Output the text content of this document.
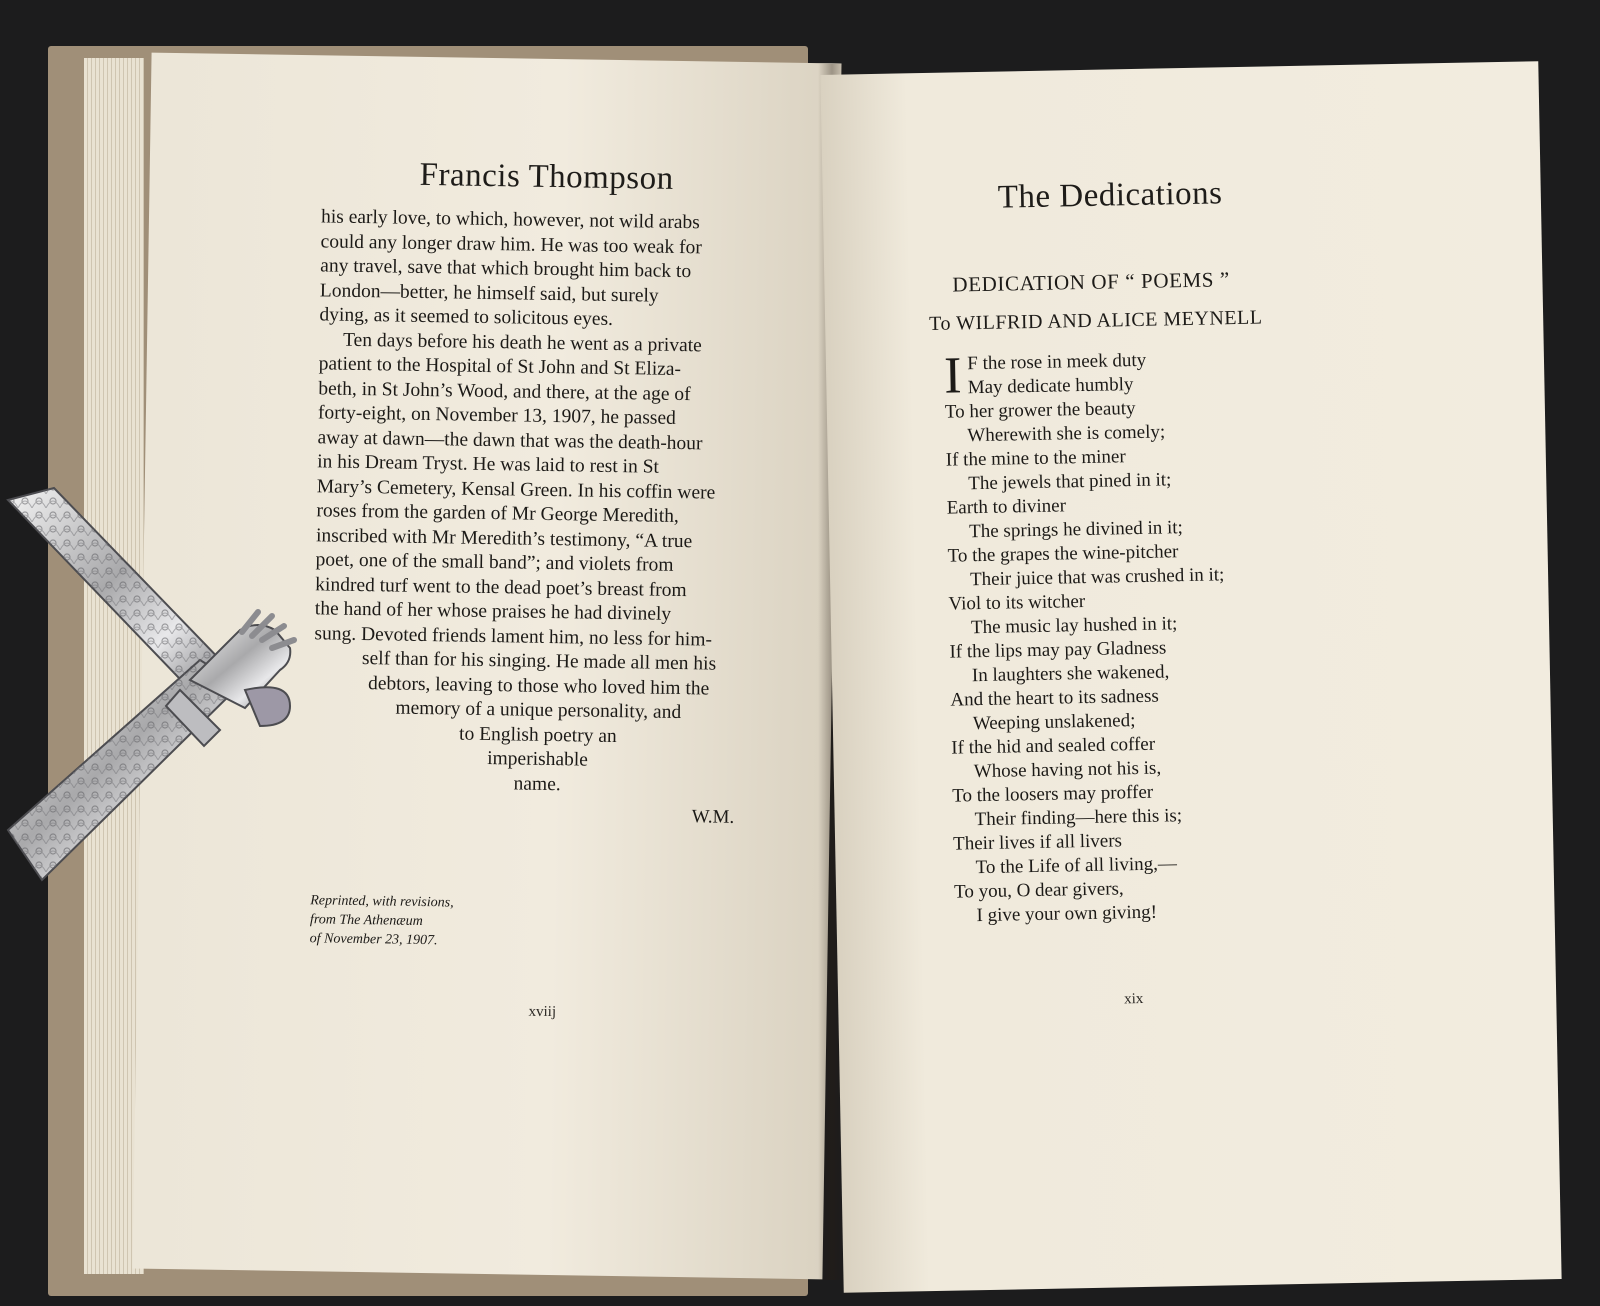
Francis Thompson
his early love, to which, however, not wild arabs
could any longer draw him. He was too weak for
any travel, save that which brought him back to
London—better, he himself said, but surely
dying, as it seemed to solicitous eyes.
Ten days before his death he went as a private
patient to the Hospital of St John and St Eliza-
beth, in St John’s Wood, and there, at the age of
forty-eight, on November 13, 1907, he passed
away at dawn—the dawn that was the death-hour
in his Dream Tryst. He was laid to rest in St
Mary’s Cemetery, Kensal Green. In his coffin were
roses from the garden of Mr George Meredith,
inscribed with Mr Meredith’s testimony, “A true
poet, one of the small band”; and violets from
kindred turf went to the dead poet’s breast from
the hand of her whose praises he had divinely
sung. Devoted friends lament him, no less for him-
self than for his singing. He made all men his
debtors, leaving to those who loved him the
memory of a unique personality, and
to English poetry an
imperishable
name.
W.M.
Reprinted, with revisions,
from The Athenæum
of November 23, 1907.
xviij
The Dedications
DEDICATION OF “ POEMS ”
To WILFRID AND ALICE MEYNELL
I F the rose in meek duty
May dedicate humbly
To her grower the beauty
Wherewith she is comely;
If the mine to the miner
The jewels that pined in it;
Earth to diviner
The springs he divined in it;
To the grapes the wine-pitcher
Their juice that was crushed in it;
Viol to its witcher
The music lay hushed in it;
If the lips may pay Gladness
In laughters she wakened,
And the heart to its sadness
Weeping unslakened;
If the hid and sealed coffer
Whose having not his is,
To the loosers may proffer
Their finding—here this is;
Their lives if all livers
To the Life of all living,—
To you, O dear givers,
I give your own giving!
xix
